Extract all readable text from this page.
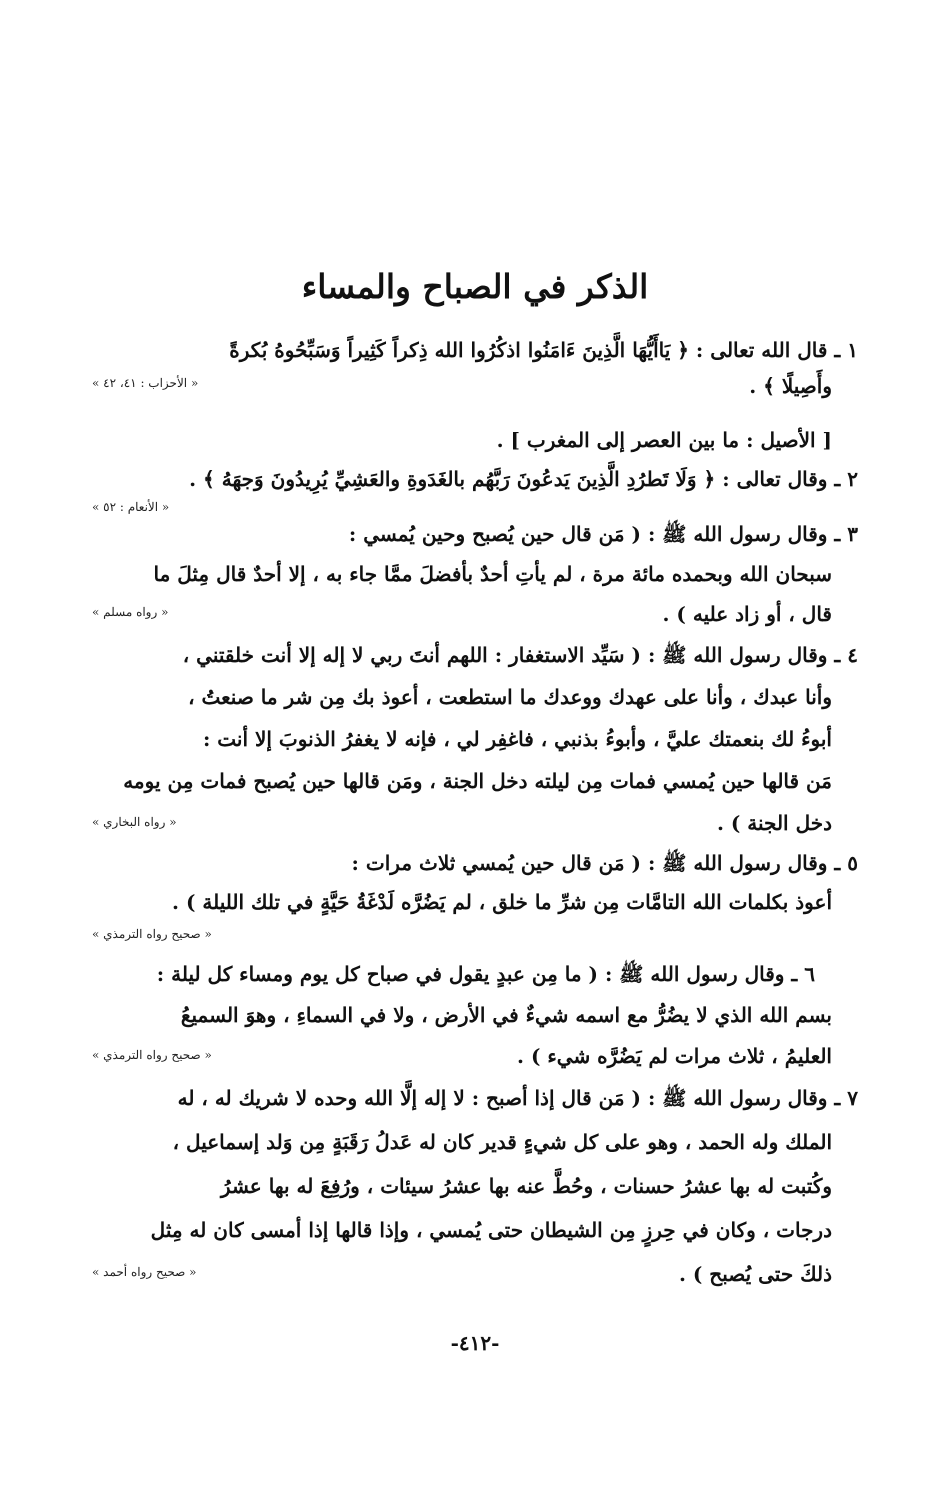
الذكر في الصباح والمساء
١ ـ قال الله تعالى : ﴿ يَاأَيُّهَا الَّذِينَ ءَامَنُوا اذكُرُوا الله ذِكراً كَثِيراً وَسَبِّحُوهُ بُكرةً
وأَصِيلًا ﴾ .
« الأحزاب : ٤١، ٤٢ »
[ الأصيل : ما بين العصر إلى المغرب ] .
٢ ـ وقال تعالى : ﴿ وَلَا تَطرُدِ الَّذِينَ يَدعُونَ رَبَّهُم بالغَدَوةِ والعَشِيِّ يُرِيدُونَ وَجهَهُ ﴾ .
« الأنعام : ٥٢ »
٣ ـ وقال رسول الله ﷺ : ( مَن قال حين يُصبح وحين يُمسي :
سبحان الله وبحمده مائة مرة ، لم يأتِ أحدٌ بأفضلَ ممَّا جاء به ، إلا أحدٌ قال مِثلَ ما
قال ، أو زاد عليه ) .
« رواه مسلم »
٤ ـ وقال رسول الله ﷺ : ( سَيِّد الاستغفار : اللهم أنتَ ربي لا إله إلا أنت خلقتني ،
وأنا عبدك ، وأنا على عهدك ووعدك ما استطعت ، أعوذ بك مِن شر ما صنعتُ ،
أبوءُ لك بنعمتك عليَّ ، وأبوءُ بذنبي ، فاغفِر لي ، فإنه لا يغفرُ الذنوبَ إلا أنت :
مَن قالها حين يُمسي فمات مِن ليلته دخل الجنة ، ومَن قالها حين يُصبح فمات مِن يومه
دخل الجنة ) .
« رواه البخاري »
٥ ـ وقال رسول الله ﷺ : ( مَن قال حين يُمسي ثلاث مرات :
أعوذ بكلمات الله التامَّات مِن شرِّ ما خلق ، لم يَضُرَّه لَدْغَةُ حَيَّةٍ في تلك الليلة ) .
« صحيح رواه الترمذي »
٦ ـ وقال رسول الله ﷺ : ( ما مِن عبدٍ يقول في صباح كل يوم ومساء كل ليلة :
بسم الله الذي لا يضُرُّ مع اسمه شيءٌ في الأرض ، ولا في السماءِ ، وهوَ السميعُ
العليمُ ، ثلاث مرات لم يَضُرَّه شيء ) .
« صحيح رواه الترمذي »
٧ ـ وقال رسول الله ﷺ : ( مَن قال إذا أصبح : لا إله إلَّا الله وحده لا شريك له ، له
الملك وله الحمد ، وهو على كل شيءٍ قدير كان له عَدلُ رَقَبَةٍ مِن وَلد إسماعيل ،
وكُتبت له بها عشرُ حسنات ، وحُطَّ عنه بها عشرُ سيئات ، ورُفِعَ له بها عشرُ
درجات ، وكان في حِرزٍ مِن الشيطان حتى يُمسي ، وإذا قالها إذا أمسى كان له مِثل
ذلكَ حتى يُصبح ) .
« صحيح رواه أحمد »
-٤١٢-
